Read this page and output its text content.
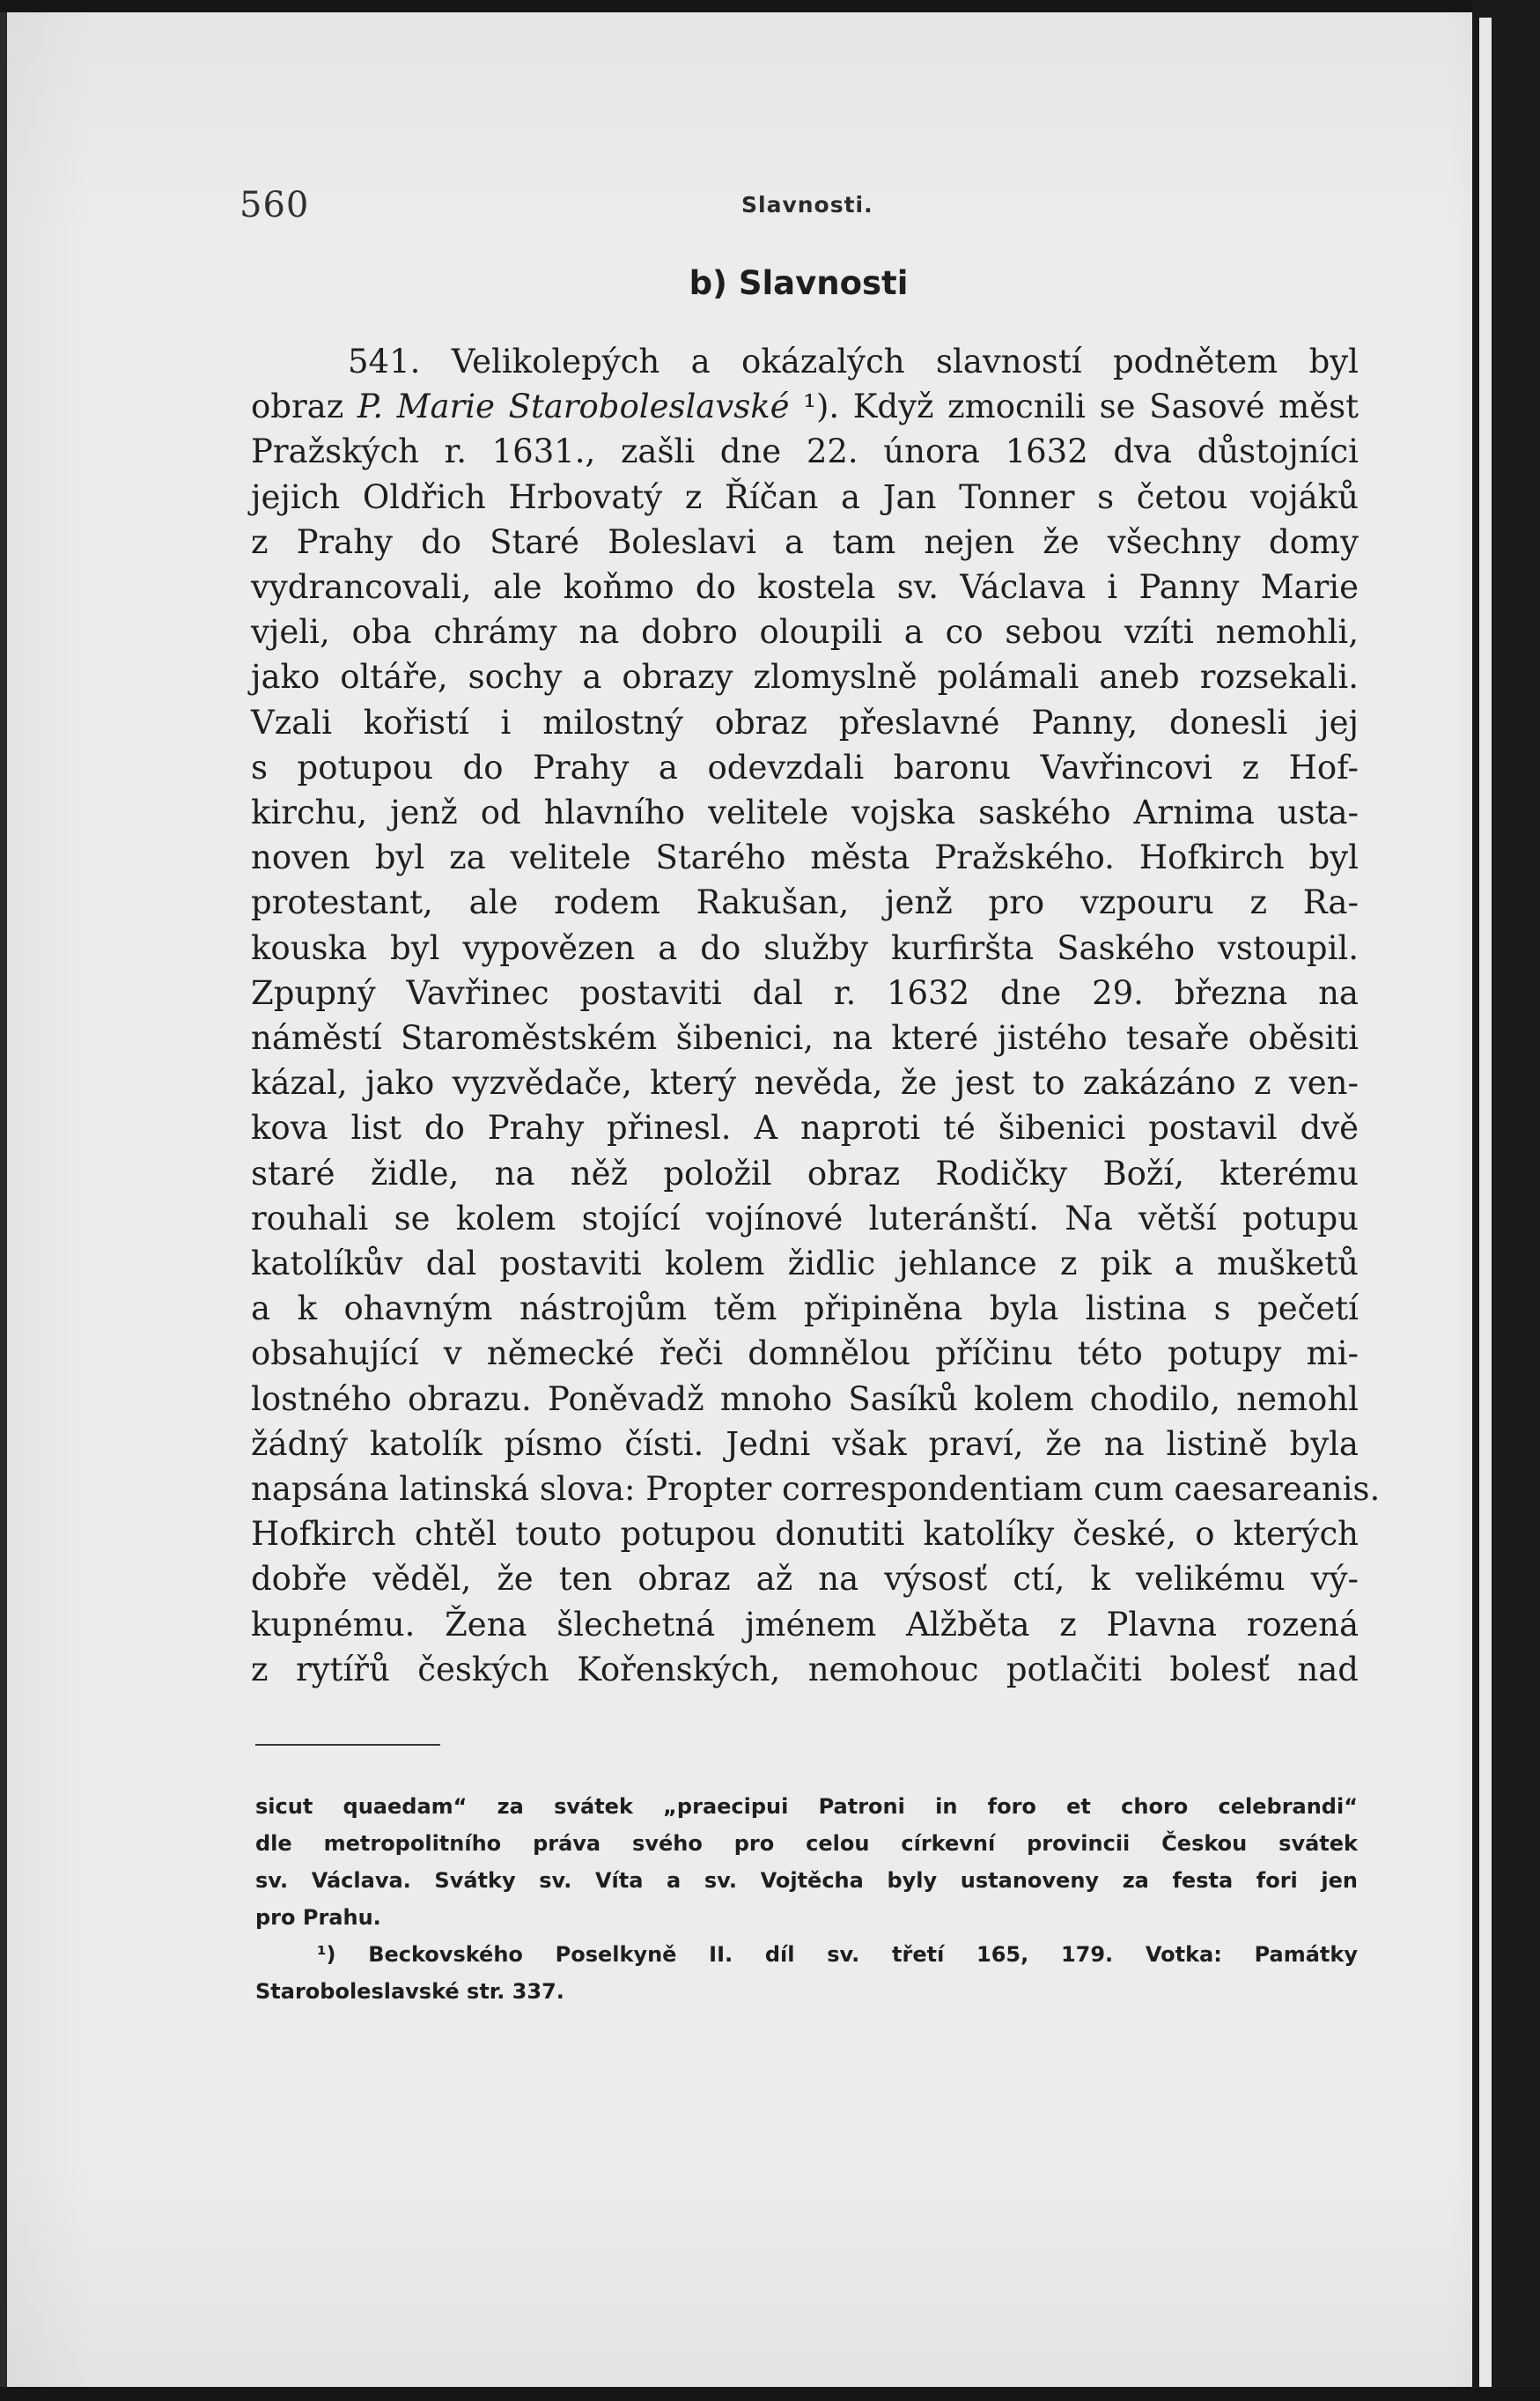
560	Slavnosti.
b) Slavnosti
541. Velikolepých a okázalých slavností podnětem byl
obraz P. Marie Staroboleslavské ¹). Když zmocnili se Sasové měst
Pražských r. 1631., zašli dne 22. února 1632 dva důstojníci
jejich Oldřich Hrbovatý z Říčan a Jan Tonner s četou vojáků
z Prahy do Staré Boleslavi a tam nejen že všechny domy
vydrancovali, ale koňmo do kostela sv. Václava i Panny Marie
vjeli, oba chrámy na dobro oloupili a co sebou vzíti nemohli,
jako oltáře, sochy a obrazy zlomyslně polámali aneb rozsekali.
Vzali kořistí i milostný obraz přeslavné Panny, donesli jej
s potupou do Prahy a odevzdali baronu Vavřincovi z Hof-
kirchu, jenž od hlavního velitele vojska saského Arnima usta-
noven byl za velitele Starého města Pražského. Hofkirch byl
protestant, ale rodem Rakušan, jenž pro vzpouru z Ra-
kouska byl vypovězen a do služby kurfiršta Saského vstoupil.
Zpupný Vavřinec postaviti dal r. 1632 dne 29. března na
náměstí Staroměstském šibenici, na které jistého tesaře oběsiti
kázal, jako vyzvědače, který nevěda, že jest to zakázáno z ven-
kova list do Prahy přinesl. A naproti té šibenici postavil dvě
staré židle, na něž položil obraz Rodičky Boží, kterému
rouhali se kolem stojící vojínové luteránští. Na větší potupu
katolíkův dal postaviti kolem židlic jehlance z pik a mušketů
a k ohavným nástrojům těm připiněna byla listina s pečetí
obsahující v německé řeči domnělou příčinu této potupy mi-
lostného obrazu. Poněvadž mnoho Sasíků kolem chodilo, nemohl
žádný katolík písmo čísti. Jedni však praví, že na listině byla
napsána latinská slova: Propter correspondentiam cum caesareanis.
Hofkirch chtěl touto potupou donutiti katolíky české, o kterých
dobře věděl, že ten obraz až na výsosť ctí, k velikému vý-
kupnému. Žena šlechetná jménem Alžběta z Plavna rozená
z rytířů českých Kořenských, nemohouc potlačiti bolesť nad
sicut quaedam“ za svátek „praecipui Patroni in foro et choro celebrandi“
dle metropolitního práva svého pro celou církevní provincii Českou svátek
sv. Václava. Svátky sv. Víta a sv. Vojtěcha byly ustanoveny za festa fori jen
pro Prahu.
¹) Beckovského Poselkyně II. díl sv. třetí 165, 179. Votka: Památky
Staroboleslavské str. 337.
